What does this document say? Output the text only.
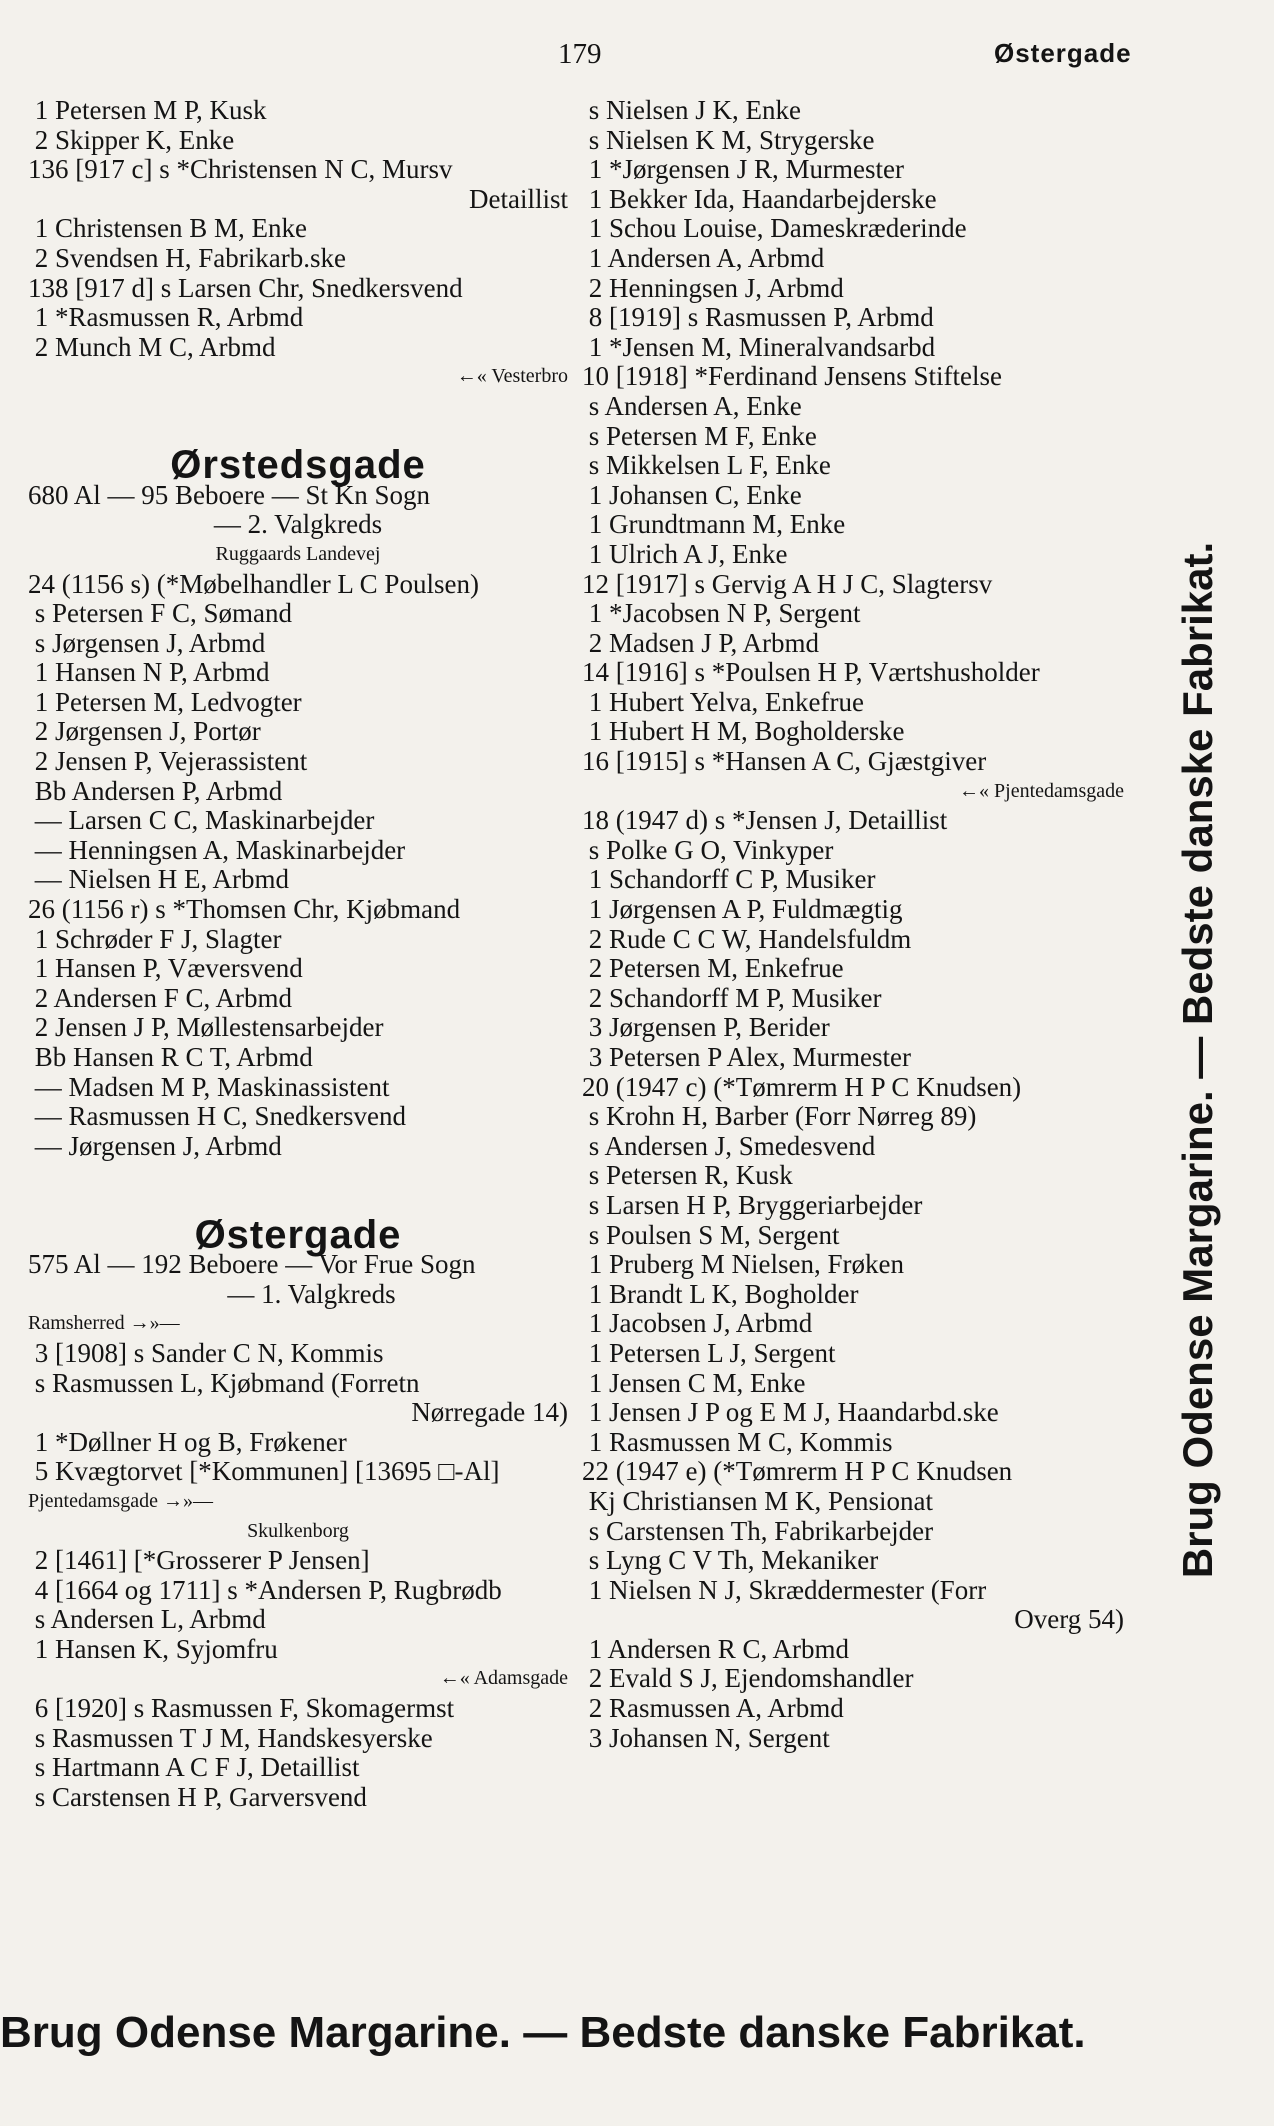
179	Østergade
1 Petersen M P, Kusk
2 Skipper K, Enke
136 [917 c] s *Christensen N C, Mursv
Detaillist
1 Christensen B M, Enke
2 Svendsen H, Fabrikarb.ske
138 [917 d] s Larsen Chr, Snedkersvend
1 *Rasmussen R, Arbmd
2 Munch M C, Arbmd
←« Vesterbro
Ørstedsgade
680 Al — 95 Beboere — St Kn Sogn
— 2. Valgkreds
Ruggaards Landevej
24 (1156 s) (*Møbelhandler L C Poulsen)
s Petersen F C, Sømand
s Jørgensen J, Arbmd
1 Hansen N P, Arbmd
1 Petersen M, Ledvogter
2 Jørgensen J, Portør
2 Jensen P, Vejerassistent
Bb Andersen P, Arbmd
— Larsen C C, Maskinarbejder
— Henningsen A, Maskinarbejder
— Nielsen H E, Arbmd
26 (1156 r) s *Thomsen Chr, Kjøbmand
1 Schrøder F J, Slagter
1 Hansen P, Væversvend
2 Andersen F C, Arbmd
2 Jensen J P, Møllestensarbejder
Bb Hansen R C T, Arbmd
— Madsen M P, Maskinassistent
— Rasmussen H C, Snedkersvend
— Jørgensen J, Arbmd
Østergade
575 Al — 192 Beboere — Vor Frue Sogn
— 1. Valgkreds
Ramsherred →»—
3 [1908] s Sander C N, Kommis
s Rasmussen L, Kjøbmand (Forretn
Nørregade 14)
1 *Døllner H og B, Frøkener
5 Kvægtorvet [*Kommunen] [13695 □-Al]
Pjentedamsgade →»—
Skulkenborg
2 [1461] [*Grosserer P Jensen]
4 [1664 og 1711] s *Andersen P, Rugbrødb
s Andersen L, Arbmd
1 Hansen K, Syjomfru
←« Adamsgade
6 [1920] s Rasmussen F, Skomagermst
s Rasmussen T J M, Handskesyerske
s Hartmann A C F J, Detaillist
s Carstensen H P, Garversvend
s Nielsen J K, Enke
s Nielsen K M, Strygerske
1 *Jørgensen J R, Murmester
1 Bekker Ida, Haandarbejderske
1 Schou Louise, Dameskræderinde
1 Andersen A, Arbmd
2 Henningsen J, Arbmd
8 [1919] s Rasmussen P, Arbmd
1 *Jensen M, Mineralvandsarbd
10 [1918] *Ferdinand Jensens Stiftelse
s Andersen A, Enke
s Petersen M F, Enke
s Mikkelsen L F, Enke
1 Johansen C, Enke
1 Grundtmann M, Enke
1 Ulrich A J, Enke
12 [1917] s Gervig A H J C, Slagtersv
1 *Jacobsen N P, Sergent
2 Madsen J P, Arbmd
14 [1916] s *Poulsen H P, Værtshusholder
1 Hubert Yelva, Enkefrue
1 Hubert H M, Bogholderske
16 [1915] s *Hansen A C, Gjæstgiver
←« Pjentedamsgade
18 (1947 d) s *Jensen J, Detaillist
s Polke G O, Vinkyper
1 Schandorff C P, Musiker
1 Jørgensen A P, Fuldmægtig
2 Rude C C W, Handelsfuldm
2 Petersen M, Enkefrue
2 Schandorff M P, Musiker
3 Jørgensen P, Berider
3 Petersen P Alex, Murmester
20 (1947 c) (*Tømrerm H P C Knudsen)
s Krohn H, Barber (Forr Nørreg 89)
s Andersen J, Smedesvend
s Petersen R, Kusk
s Larsen H P, Bryggeriarbejder
s Poulsen S M, Sergent
1 Pruberg M Nielsen, Frøken
1 Brandt L K, Bogholder
1 Jacobsen J, Arbmd
1 Petersen L J, Sergent
1 Jensen C M, Enke
1 Jensen J P og E M J, Haandarbd.ske
1 Rasmussen M C, Kommis
22 (1947 e) (*Tømrerm H P C Knudsen
Kj Christiansen M K, Pensionat
s Carstensen Th, Fabrikarbejder
s Lyng C V Th, Mekaniker
1 Nielsen N J, Skræddermester (Forr
Overg 54)
1 Andersen R C, Arbmd
2 Evald S J, Ejendomshandler
2 Rasmussen A, Arbmd
3 Johansen N, Sergent
Brug Odense Margarine. — Bedste danske Fabrikat.
Brug Odense Margarine. — Bedste danske Fabrikat.
